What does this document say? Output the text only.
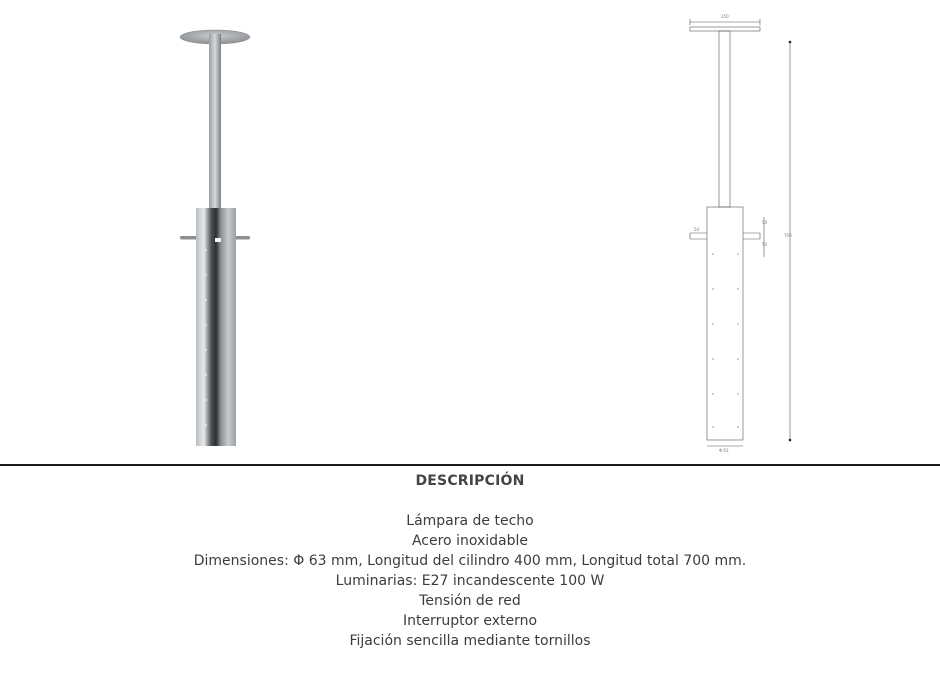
150
700
50
50
50
Φ 63
DESCRIPCIÓN
Lámpara de techo
Acero inoxidable
Dimensiones: Φ 63 mm, Longitud del cilindro 400 mm, Longitud total 700 mm.
Luminarias: E27 incandescente 100 W
Tensión de red
Interruptor externo
Fijación sencilla mediante tornillos
